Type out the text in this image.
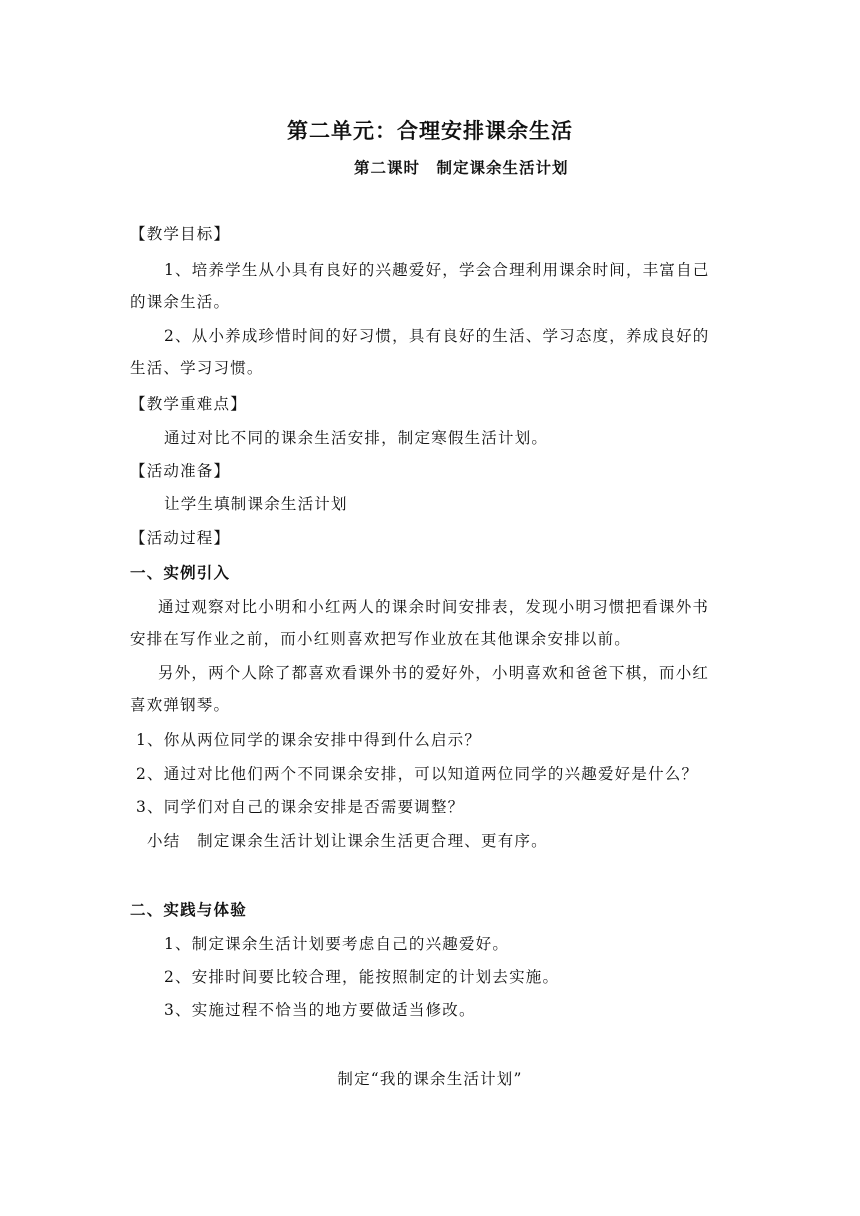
第二单元：合理安排课余生活
第二课时　制定课余生活计划
【教学目标】
1、培养学生从小具有良好的兴趣爱好，学会合理利用课余时间，丰富自己
的课余生活。
2、从小养成珍惜时间的好习惯，具有良好的生活、学习态度，养成良好的
生活、学习习惯。
【教学重难点】
通过对比不同的课余生活安排，制定寒假生活计划。
【活动准备】
让学生填制课余生活计划
【活动过程】
一、实例引入
通过观察对比小明和小红两人的课余时间安排表，发现小明习惯把看课外书
安排在写作业之前，而小红则喜欢把写作业放在其他课余安排以前。
另外，两个人除了都喜欢看课外书的爱好外，小明喜欢和爸爸下棋，而小红
喜欢弹钢琴。
1、你从两位同学的课余安排中得到什么启示？
2、通过对比他们两个不同课余安排，可以知道两位同学的兴趣爱好是什么？
3、同学们对自己的课余安排是否需要调整？
小结　制定课余生活计划让课余生活更合理、更有序。
二、实践与体验
1、制定课余生活计划要考虑自己的兴趣爱好。
2、安排时间要比较合理，能按照制定的计划去实施。
3、实施过程不恰当的地方要做适当修改。
制定“我的课余生活计划”
